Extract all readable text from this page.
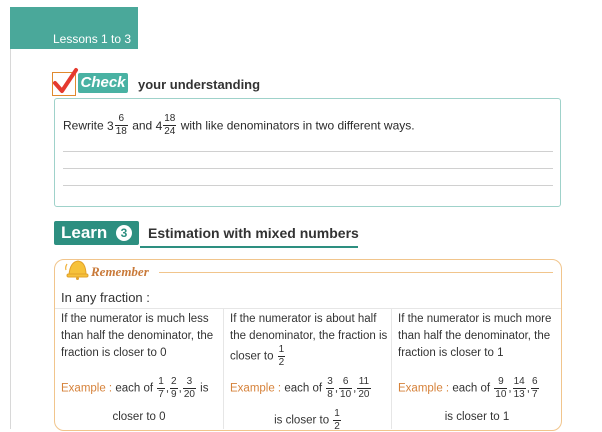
Lessons 1 to 3
Check your understanding
Rewrite $3 \frac{6}{18}$ and $4 \frac{18}{24}$ with like denominators in two different ways.
Learn	3	Estimation with mixed numbers
Remember
In any fraction :
If the numerator is much less than half the denominator, the fraction is closer to 0
Example : each of $\frac{1}{7}$ , $\frac{2}{9}$ , $\frac{3}{20}$ is
closer to 0
If the numerator is about half the denominator, the fraction is closer to $\frac{1}{2}$
Example : each of $\frac{3}{8}$ , $\frac{6}{10}$ , $\frac{11}{20}$
is closer to $\frac{1}{2}$
If the numerator is much more than half the denominator, the fraction is closer to 1
Example : each of $\frac{9}{10}$ , $\frac{14}{13}$ , $\frac{6}{7}$
is closer to 1
